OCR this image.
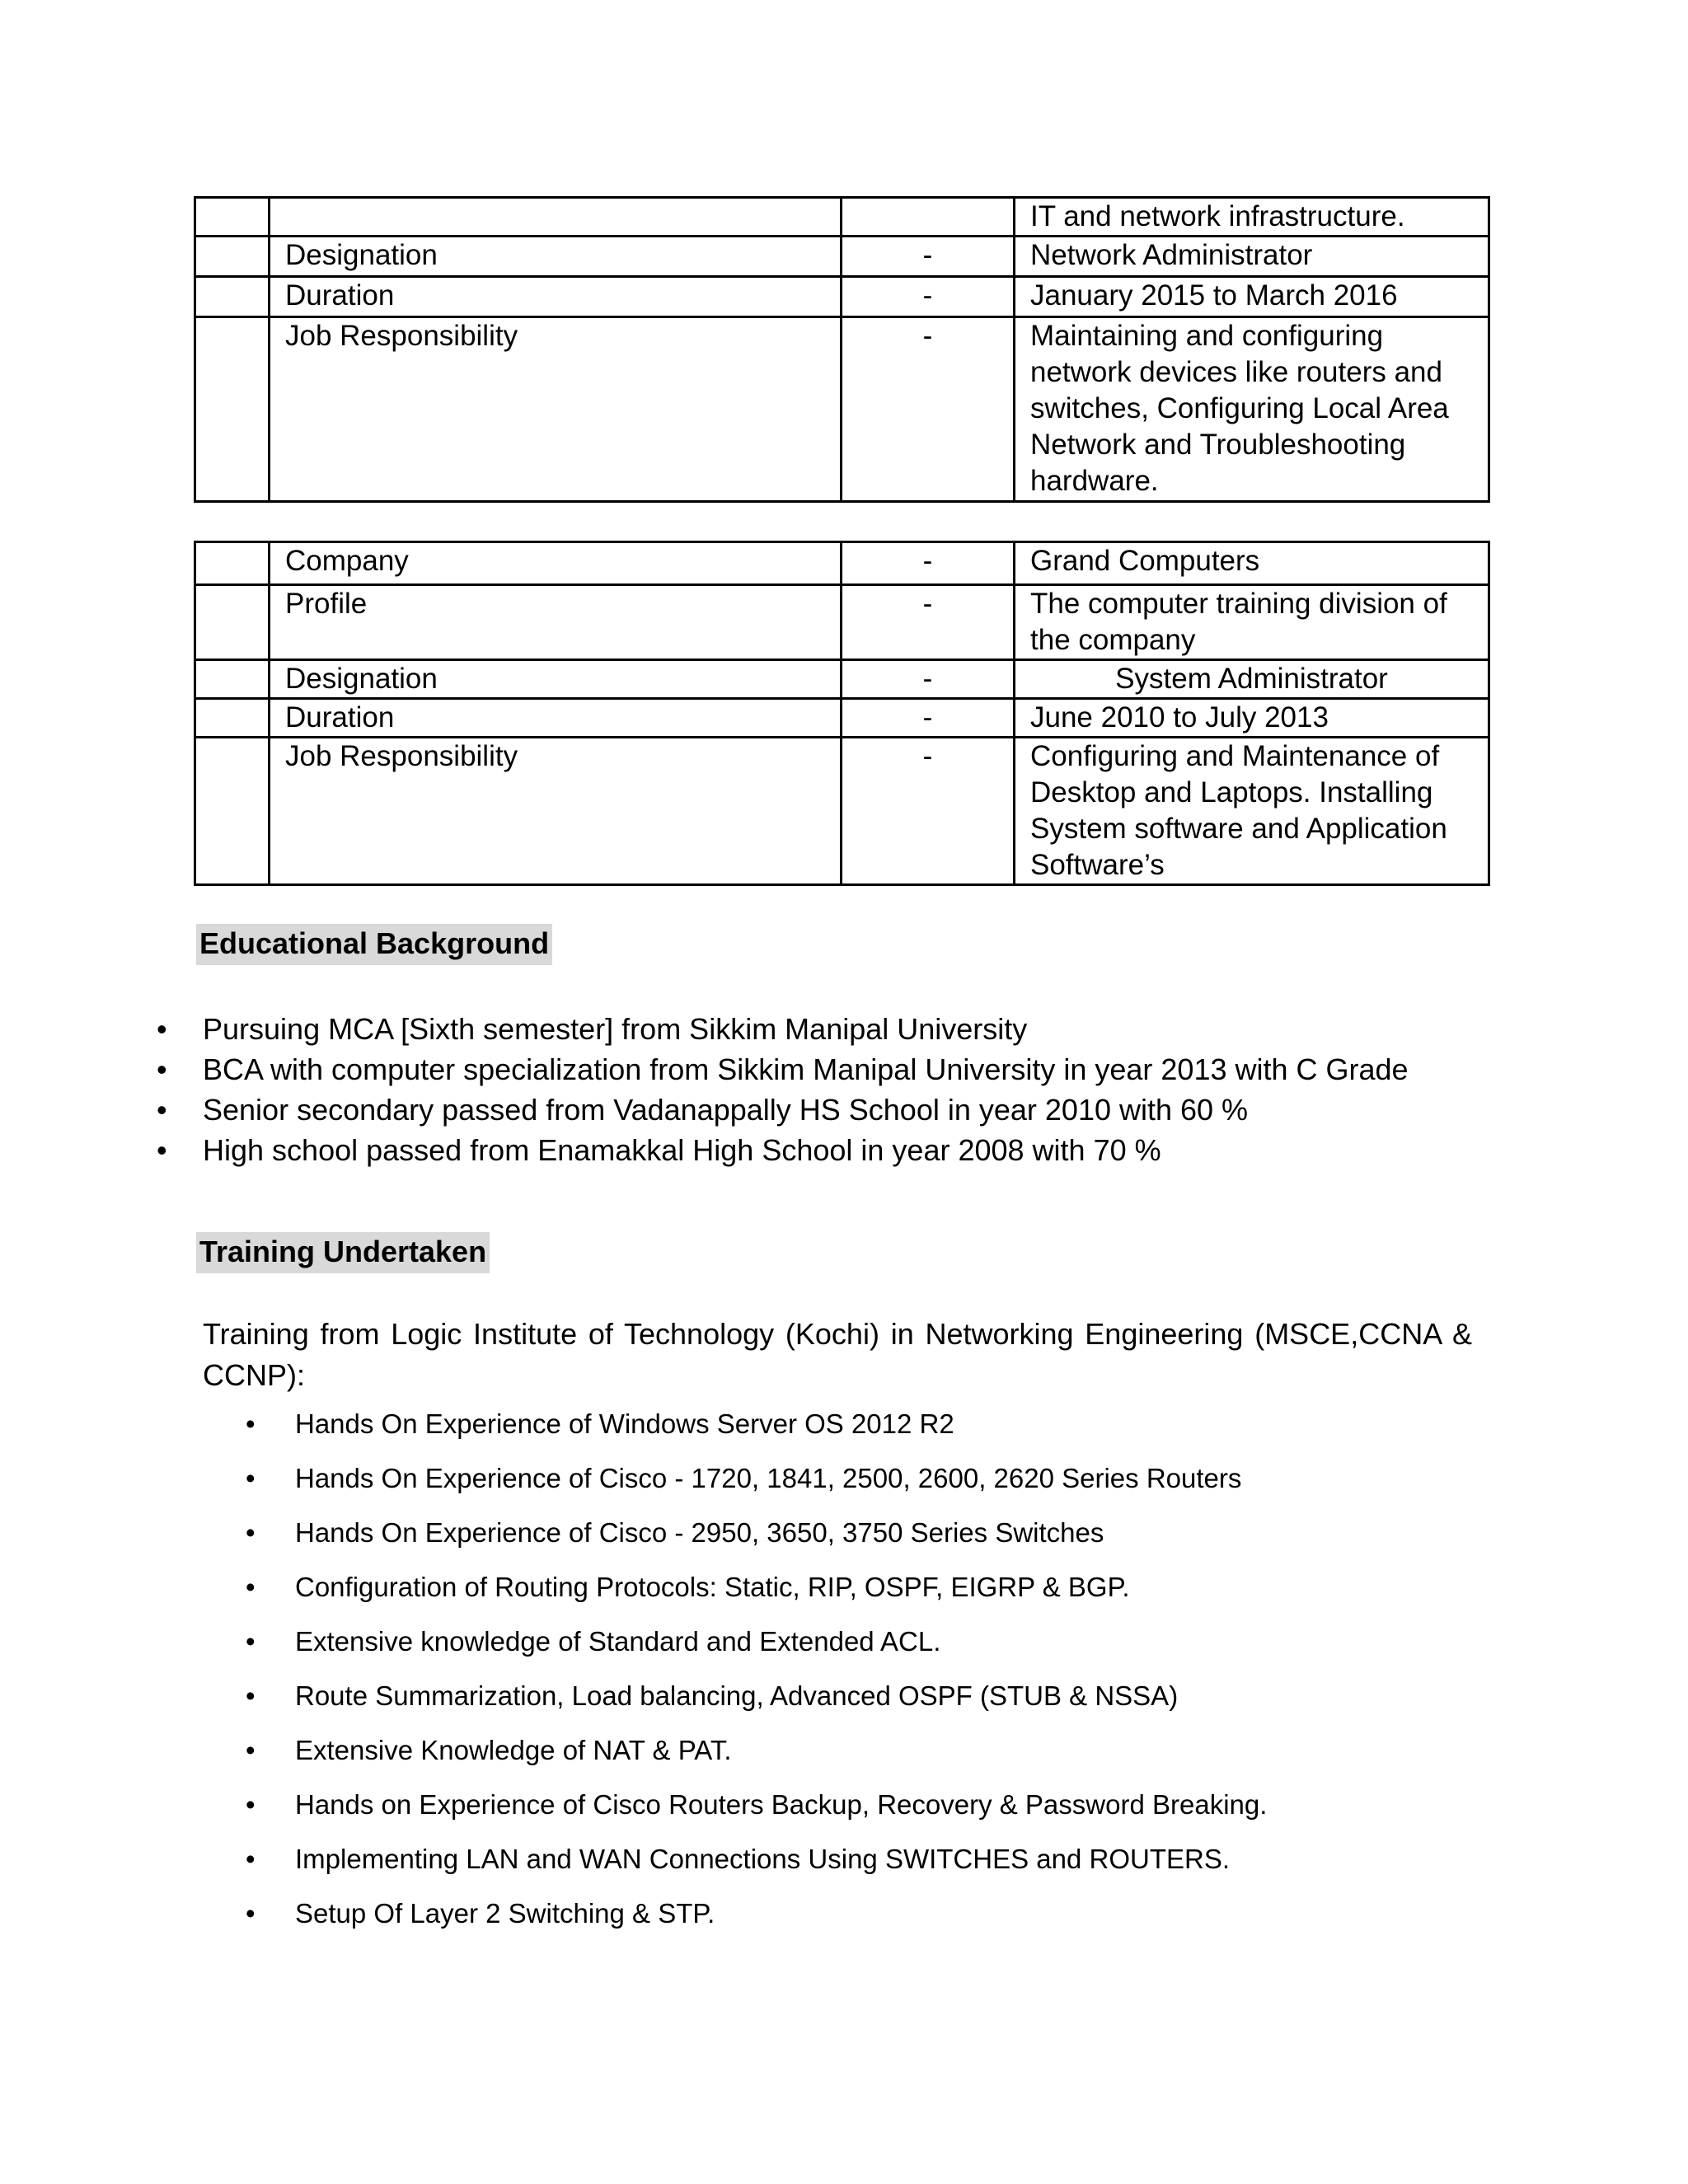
			IT and network infrastructure.
	Designation	-	Network Administrator
	Duration	-	January 2015 to March 2016
	Job Responsibility	-	Maintaining and configuring network devices like routers and switches, Configuring Local Area Network and Troubleshooting hardware.
	Company	-	Grand Computers
	Profile	-	The computer training division of the company
	Designation	-	System Administrator
	Duration	-	June 2010 to July 2013
	Job Responsibility	-	Configuring and Maintenance of Desktop and Laptops. Installing System software and Application Software’s
Educational Background
• Pursuing MCA [Sixth semester] from Sikkim Manipal University
• BCA with computer specialization from Sikkim Manipal University in year 2013 with C Grade
• Senior secondary passed from Vadanappally HS School in year 2010 with 60 %
• High school passed from Enamakkal High School in year 2008 with 70 %
Training Undertaken
Training from Logic Institute of Technology (Kochi) in Networking Engineering (MSCE,CCNA & CCNP):
• Hands On Experience of Windows Server OS 2012 R2
• Hands On Experience of Cisco - 1720, 1841, 2500, 2600, 2620 Series Routers
• Hands On Experience of Cisco - 2950, 3650, 3750 Series Switches
• Configuration of Routing Protocols: Static, RIP, OSPF, EIGRP & BGP.
• Extensive knowledge of Standard and Extended ACL.
• Route Summarization, Load balancing, Advanced OSPF (STUB & NSSA)
• Extensive Knowledge of NAT & PAT.
• Hands on Experience of Cisco Routers Backup, Recovery & Password Breaking.
• Implementing LAN and WAN Connections Using SWITCHES and ROUTERS.
• Setup Of Layer 2 Switching & STP.
